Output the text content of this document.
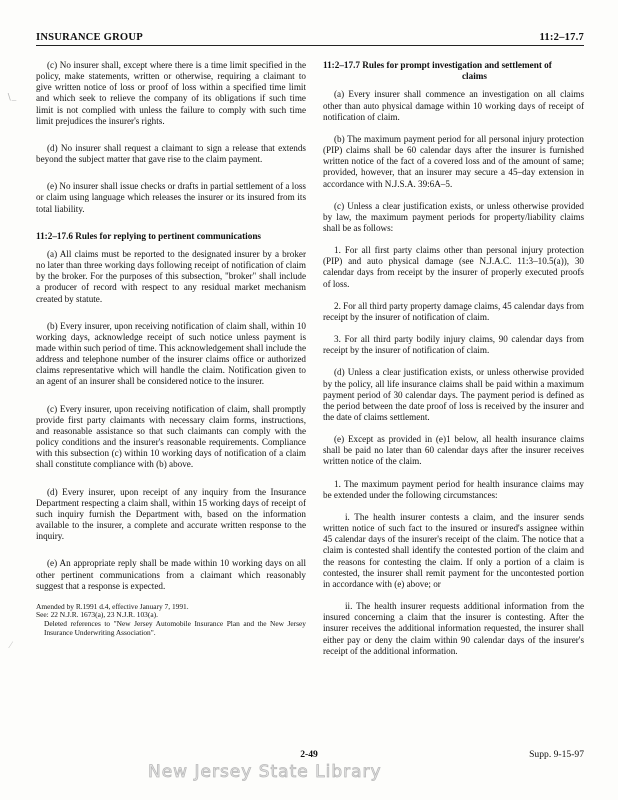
INSURANCE GROUP	11:2–17.7
∖_
⁄

(c) No insurer shall, except where there is a time limit specified in the policy, make statements, written or otherwise, requiring a claimant to give written notice of loss or proof of loss within a specified time limit and which seek to relieve the company of its obligations if such time limit is not complied with unless the failure to comply with such time limit prejudices the insurer's rights.

(d) No insurer shall request a claimant to sign a release that extends beyond the subject matter that gave rise to the claim payment.

(e) No insurer shall issue checks or drafts in partial settlement of a loss or claim using language which releases the insurer or its insured from its total liability.

11:2–17.6 Rules for replying to pertinent communications

(a) All claims must be reported to the designated insurer by a broker no later than three working days following receipt of notification of claim by the broker. For the purposes of this subsection, "broker" shall include a producer of record with respect to any residual market mechanism created by statute.

(b) Every insurer, upon receiving notification of claim shall, within 10 working days, acknowledge receipt of such notice unless payment is made within such period of time. This acknowledgement shall include the address and telephone number of the insurer claims office or authorized claims representative which will handle the claim. Notification given to an agent of an insurer shall be considered notice to the insurer.

(c) Every insurer, upon receiving notification of claim, shall promptly provide first party claimants with necessary claim forms, instructions, and reasonable assistance so that such claimants can comply with the policy conditions and the insurer's reasonable requirements. Compliance with this subsection (c) within 10 working days of notification of a claim shall constitute compliance with (b) above.

(d) Every insurer, upon receipt of any inquiry from the Insurance Department respecting a claim shall, within 15 working days of receipt of such inquiry furnish the Department with, based on the information available to the insurer, a complete and accurate written response to the inquiry.

(e) An appropriate reply shall be made within 10 working days on all other pertinent communications from a claimant which reasonably suggest that a response is expected.

Amended by R.1991 d.4, effective January 7, 1991.

See: 22 N.J.R. 1673(a), 23 N.J.R. 103(a).

Deleted references to "New Jersey Automobile Insurance Plan and the New Jersey Insurance Underwriting Association".

11:2–17.7 Rules for prompt investigation and settlement of
claims

(a) Every insurer shall commence an investigation on all claims other than auto physical damage within 10 working days of receipt of notification of claim.

(b) The maximum payment period for all personal injury protection (PIP) claims shall be 60 calendar days after the insurer is furnished written notice of the fact of a covered loss and of the amount of same; provided, however, that an insurer may secure a 45–day extension in accordance with N.J.S.A. 39:6A–5.

(c) Unless a clear justification exists, or unless otherwise provided by law, the maximum payment periods for property/liability claims shall be as follows:

1. For all first party claims other than personal injury protection (PIP) and auto physical damage (see N.J.A.C. 11:3–10.5(a)), 30 calendar days from receipt by the insurer of properly executed proofs of loss.

2. For all third party property damage claims, 45 calendar days from receipt by the insurer of notification of claim.

3. For all third party bodily injury claims, 90 calendar days from receipt by the insurer of notification of claim.

(d) Unless a clear justification exists, or unless otherwise provided by the policy, all life insurance claims shall be paid within a maximum payment period of 30 calendar days. The payment period is defined as the period between the date proof of loss is received by the insurer and the date of claims settlement.

(e) Except as provided in (e)1 below, all health insurance claims shall be paid no later than 60 calendar days after the insurer receives written notice of the claim.

1. The maximum payment period for health insurance claims may be extended under the following circumstances:

i. The health insurer contests a claim, and the insurer sends written notice of such fact to the insured or insured's assignee within 45 calendar days of the insurer's receipt of the claim. The notice that a claim is contested shall identify the contested portion of the claim and the reasons for contesting the claim. If only a portion of a claim is contested, the insurer shall remit payment for the uncontested portion in accordance with (e) above; or

ii. The health insurer requests additional information from the insured concerning a claim that the insurer is contesting. After the insurer receives the additional information requested, the insurer shall either pay or deny the claim within 90 calendar days of the insurer's receipt of the additional information.

2-49	Supp. 9-15-97
New Jersey State Library
